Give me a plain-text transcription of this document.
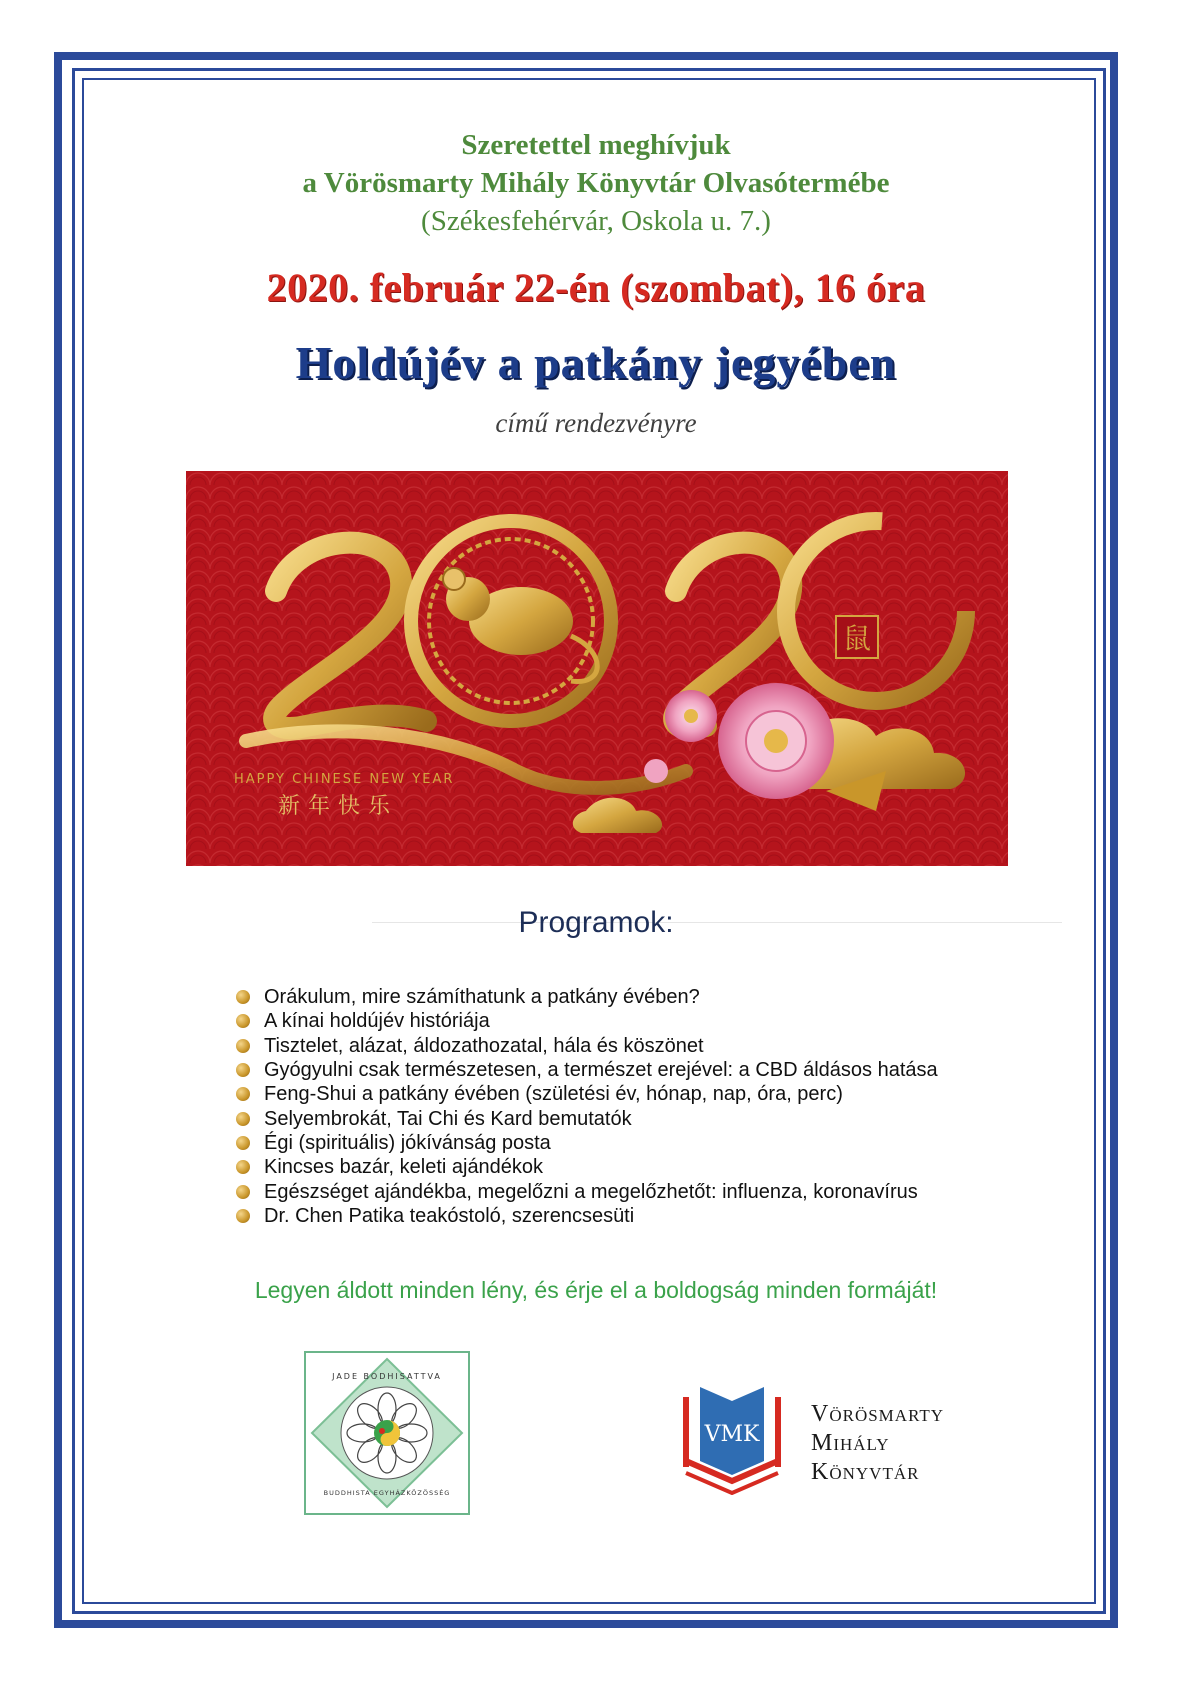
Szeretettel meghívjuk
a Vörösmarty Mihály Könyvtár Olvasótermébe
(Székesfehérvár, Oskola u. 7.)
2020. február 22-én (szombat), 16 óra
Holdújév a patkány jegyében
című rendezvényre
鼠
HAPPY CHINESE NEW YEAR
新年快乐
Programok:
Orákulum, mire számíthatunk a patkány évében?
A kínai holdújév históriája
Tisztelet, alázat, áldozathozatal, hála és köszönet
Gyógyulni csak természetesen, a természet erejével: a CBD áldásos hatása
Feng-Shui a patkány évében (születési év, hónap, nap, óra, perc)
Selyembrokát, Tai Chi és Kard bemutatók
Égi (spirituális) jókívánság posta
Kincses bazár, keleti ajándékok
Egészséget ajándékba, megelőzni a megelőzhetőt: influenza, koronavírus
Dr. Chen Patika teakóstoló, szerencsesüti
Legyen áldott minden lény, és érje el a boldogság minden formáját!
JADE BODHISATTVA
BUDDHISTA EGYHÁZKÖZÖSSÉG
VMK
Vörösmarty
Mihály
Könyvtár
